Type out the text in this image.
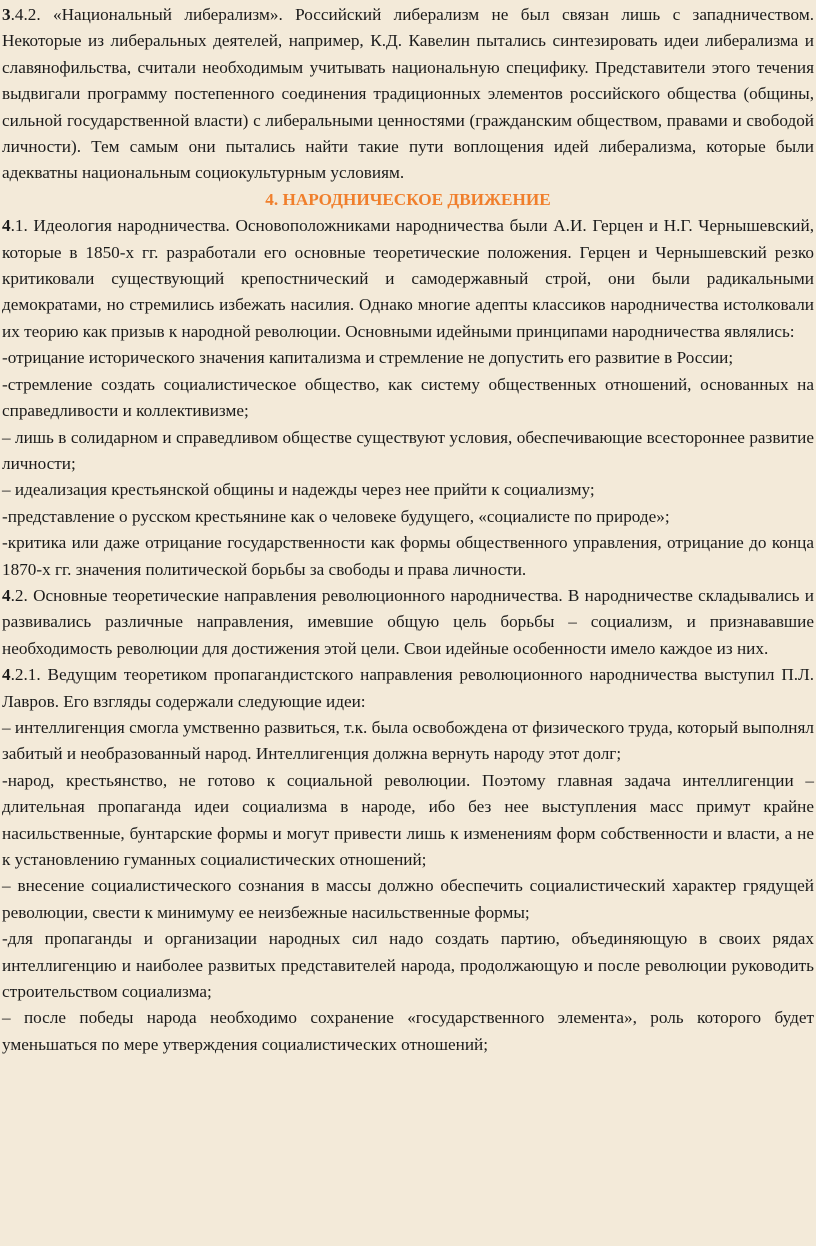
3.4.2. «Национальный либерализм». Российский либерализм не был связан лишь с западничеством. Некоторые из либеральных деятелей, например, К.Д. Кавелин пытались синтезировать идеи либерализма и славянофильства, считали необходимым учитывать национальную специфику. Представители этого течения выдвигали программу постепенного соединения традиционных элементов российского общества (общины, сильной государственной власти) с либеральными ценностями (гражданским обществом, правами и свободой личности). Тем самым они пытались найти такие пути воплощения идей либерализма, которые были адекватны национальным социокультурным условиям.

4. НАРОДНИЧЕСКОЕ ДВИЖЕНИЕ

4.1. Идеология народничества. Основоположниками народничества были А.И. Герцен и Н.Г. Чернышевский, которые в 1850-х гг. разработали его основные теоретические положения. Герцен и Чернышевский резко критиковали существующий крепостнический и самодержавный строй, они были радикальными демократами, но стремились избежать насилия. Однако многие адепты классиков народничества истолковали их теорию как призыв к народной революции. Основными идейными принципами народничества являлись:

-отрицание исторического значения капитализма и стремление не допустить его развитие в России;

-стремление создать социалистическое общество, как систему общественных отношений, основанных на справедливости и коллективизме;

– лишь в солидарном и справедливом обществе существуют условия, обеспечивающие всестороннее развитие личности;

– идеализация крестьянской общины и надежды через нее прийти к социализму;

-представление о русском крестьянине как о человеке будущего, «социалисте по природе»;

-критика или даже отрицание государственности как формы общественного управления, отрицание до конца 1870-х гг. значения политической борьбы за свободы и права личности.

4.2. Основные теоретические направления революционного народничества. В народничестве складывались и развивались различные направления, имевшие общую цель борьбы – социализм, и признававшие необходимость революции для достижения этой цели. Свои идейные особенности имело каждое из них.

4.2.1. Ведущим теоретиком пропагандистского направления революционного народничества выступил П.Л. Лавров. Его взгляды содержали следующие идеи:

– интеллигенция смогла умственно развиться, т.к. была освобождена от физического труда, который выполнял забитый и необразованный народ. Интеллигенция должна вернуть народу этот долг;

-народ, крестьянство, не готово к социальной революции. Поэтому главная задача интеллигенции – длительная пропаганда идеи социализма в народе, ибо без нее выступления масс примут крайне насильственные, бунтарские формы и могут привести лишь к изменениям форм собственности и власти, а не к установлению гуманных социалистических отношений;

– внесение социалистического сознания в массы должно обеспечить социалистический характер грядущей революции, свести к минимуму ее неизбежные насильственные формы;

-для пропаганды и организации народных сил надо создать партию, объединяющую в своих рядах интеллигенцию и наиболее развитых представителей народа, продолжающую и после революции руководить строительством социализма;

– после победы народа необходимо сохранение «государственного элемента», роль которого будет уменьшаться по мере утверждения социалистических отношений;
